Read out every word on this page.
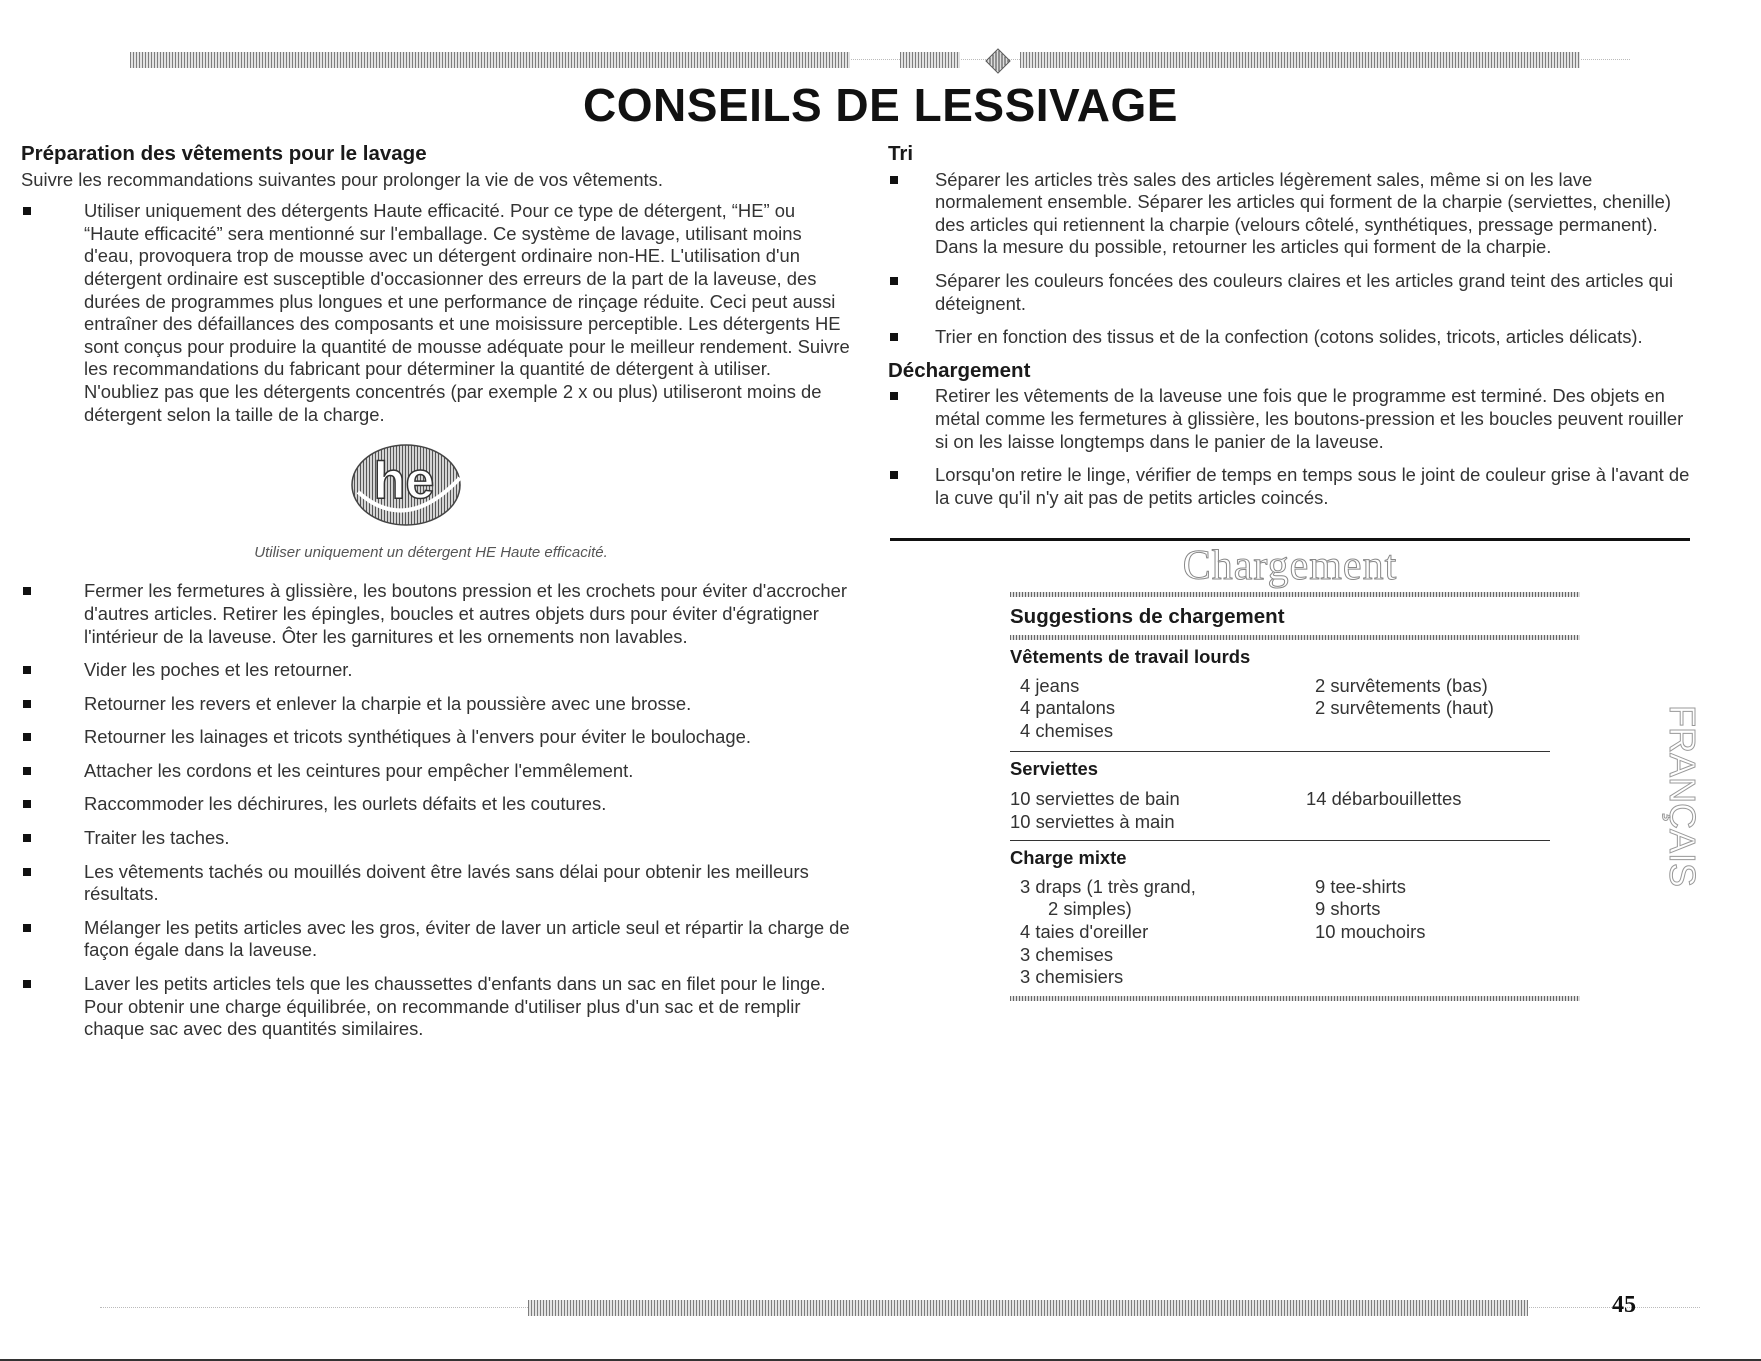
CONSEILS DE LESSIVAGE
Préparation des vêtements pour le lavage

Suivre les recommandations suivantes pour prolonger la vie de vos vêtements.

Utiliser uniquement des détergents Haute efficacité. Pour ce type de détergent, “HE” ou “Haute efficacité” sera mentionné sur l'emballage. Ce système de lavage, utilisant moins d'eau, provoquera trop de mousse avec un détergent ordinaire non-HE. L'utilisation d'un détergent ordinaire est susceptible d'occasionner des erreurs de la part de la laveuse, des durées de programmes plus longues et une performance de rinçage réduite. Ceci peut aussi entraîner des défaillances des composants et une moisissure perceptible. Les détergents HE sont conçus pour produire la quantité de mousse adéquate pour le meilleur rendement. Suivre les recommandations du fabricant pour déterminer la quantité de détergent à utiliser. N'oubliez pas que les détergents concentrés (par exemple 2 x ou plus) utiliseront moins de détergent selon la taille de la charge.
he
Utiliser uniquement un détergent HE Haute efficacité.
Fermer les fermetures à glissière, les boutons pression et les crochets pour éviter d'accrocher d'autres articles. Retirer les épingles, boucles et autres objets durs pour éviter d'égratigner l'intérieur de la laveuse. Ôter les garnitures et les ornements non lavables.
Vider les poches et les retourner.
Retourner les revers et enlever la charpie et la poussière avec une brosse.
Retourner les lainages et tricots synthétiques à l'envers pour éviter le boulochage.
Attacher les cordons et les ceintures pour empêcher l'emmêlement.
Raccommoder les déchirures, les ourlets défaits et les coutures.
Traiter les taches.
Les vêtements tachés ou mouillés doivent être lavés sans délai pour obtenir les meilleurs résultats.
Mélanger les petits articles avec les gros, éviter de laver un article seul et répartir la charge de façon égale dans la laveuse.
Laver les petits articles tels que les chaussettes d'enfants dans un sac en filet pour le linge. Pour obtenir une charge équilibrée, on recommande d'utiliser plus d'un sac et de remplir chaque sac avec des quantités similaires.
Tri
Séparer les articles très sales des articles légèrement sales, même si on les lave normalement ensemble. Séparer les articles qui forment de la charpie (serviettes, chenille) des articles qui retiennent la charpie (velours côtelé, synthétiques, pressage permanent). Dans la mesure du possible, retourner les articles qui forment de la charpie.
Séparer les couleurs foncées des couleurs claires et les articles grand teint des articles qui déteignent.
Trier en fonction des tissus et de la confection (cotons solides, tricots, articles délicats).
Déchargement
Retirer les vêtements de la laveuse une fois que le programme est terminé. Des objets en métal comme les fermetures à glissière, les boutons-pression et les boucles peuvent rouiller si on les laisse longtemps dans le panier de la laveuse.
Lorsqu'on retire le linge, vérifier de temps en temps sous le joint de couleur grise à l'avant de la cuve qu'il n'y ait pas de petits articles coincés.
Chargement
Suggestions de chargement
Vêtements de travail lourds
4 jeans
4 pantalons
4 chemises
2 survêtements (bas)
2 survêtements (haut)
Serviettes
10 serviettes de bain
10 serviettes à main
14 débarbouillettes
Charge mixte
3 draps (1 très grand,
2 simples)
4 taies d'oreiller
3 chemises
3 chemisiers
9 tee-shirts
9 shorts
10 mouchoirs
FRANÇAIS
45
